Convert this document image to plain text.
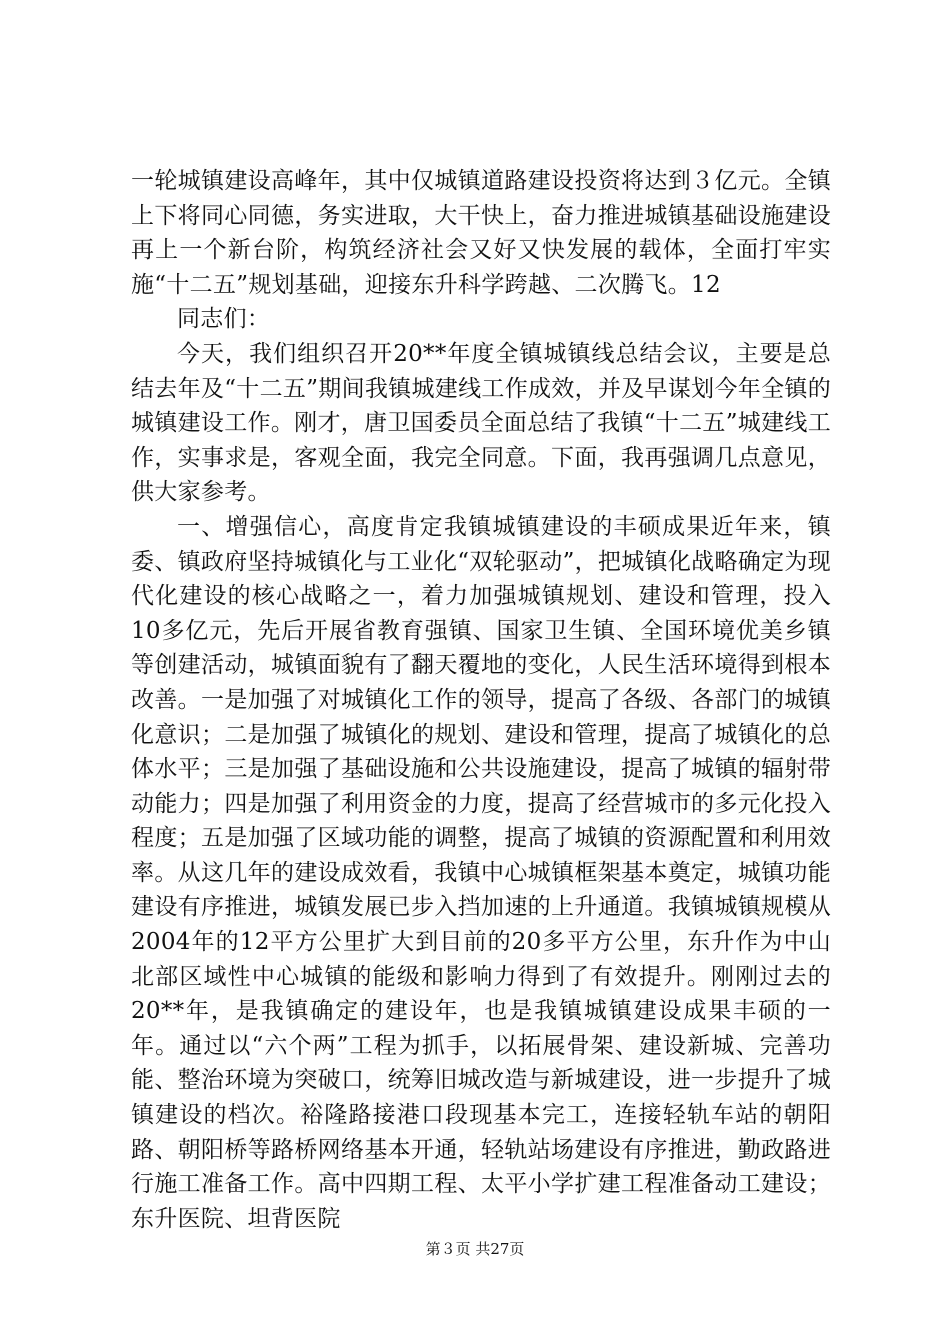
一轮城镇建设高峰年，其中仅城镇道路建设投资将达到３亿元。全镇上下将同心同德，务实进取，大干快上，奋力推进城镇基础设施建设再上一个新台阶，构筑经济社会又好又快发展的载体，全面打牢实施“十二五”规划基础，迎接东升科学跨越、二次腾飞。12

同志们：

今天，我们组织召开20**年度全镇城镇线总结会议，主要是总结去年及“十二五”期间我镇城建线工作成效，并及早谋划今年全镇的城镇建设工作。刚才，唐卫国委员全面总结了我镇“十二五”城建线工作，实事求是，客观全面，我完全同意。下面，我再强调几点意见，供大家参考。

一、增强信心，高度肯定我镇城镇建设的丰硕成果近年来，镇委、镇政府坚持城镇化与工业化“双轮驱动”，把城镇化战略确定为现代化建设的核心战略之一，着力加强城镇规划、建设和管理，投入10多亿元，先后开展省教育强镇、国家卫生镇、全国环境优美乡镇等创建活动，城镇面貌有了翻天覆地的变化，人民生活环境得到根本改善。一是加强了对城镇化工作的领导，提高了各级、各部门的城镇化意识；二是加强了城镇化的规划、建设和管理，提高了城镇化的总体水平；三是加强了基础设施和公共设施建设，提高了城镇的辐射带动能力；四是加强了利用资金的力度，提高了经营城市的多元化投入程度；五是加强了区域功能的调整，提高了城镇的资源配置和利用效率。从这几年的建设成效看，我镇中心城镇框架基本奠定，城镇功能建设有序推进，城镇发展已步入挡加速的上升通道。我镇城镇规模从2004年的12平方公里扩大到目前的20多平方公里，东升作为中山北部区域性中心城镇的能级和影响力得到了有效提升。刚刚过去的20**年，是我镇确定的建设年，也是我镇城镇建设成果丰硕的一年。通过以“六个两”工程为抓手，以拓展骨架、建设新城、完善功能、整治环境为突破口，统筹旧城改造与新城建设，进一步提升了城镇建设的档次。裕隆路接港口段现基本完工，连接轻轨车站的朝阳路、朝阳桥等路桥网络基本开通，轻轨站场建设有序推进，勤政路进行施工准备工作。高中四期工程、太平小学扩建工程准备动工建设；东升医院、坦背医院

第３页 共27页
